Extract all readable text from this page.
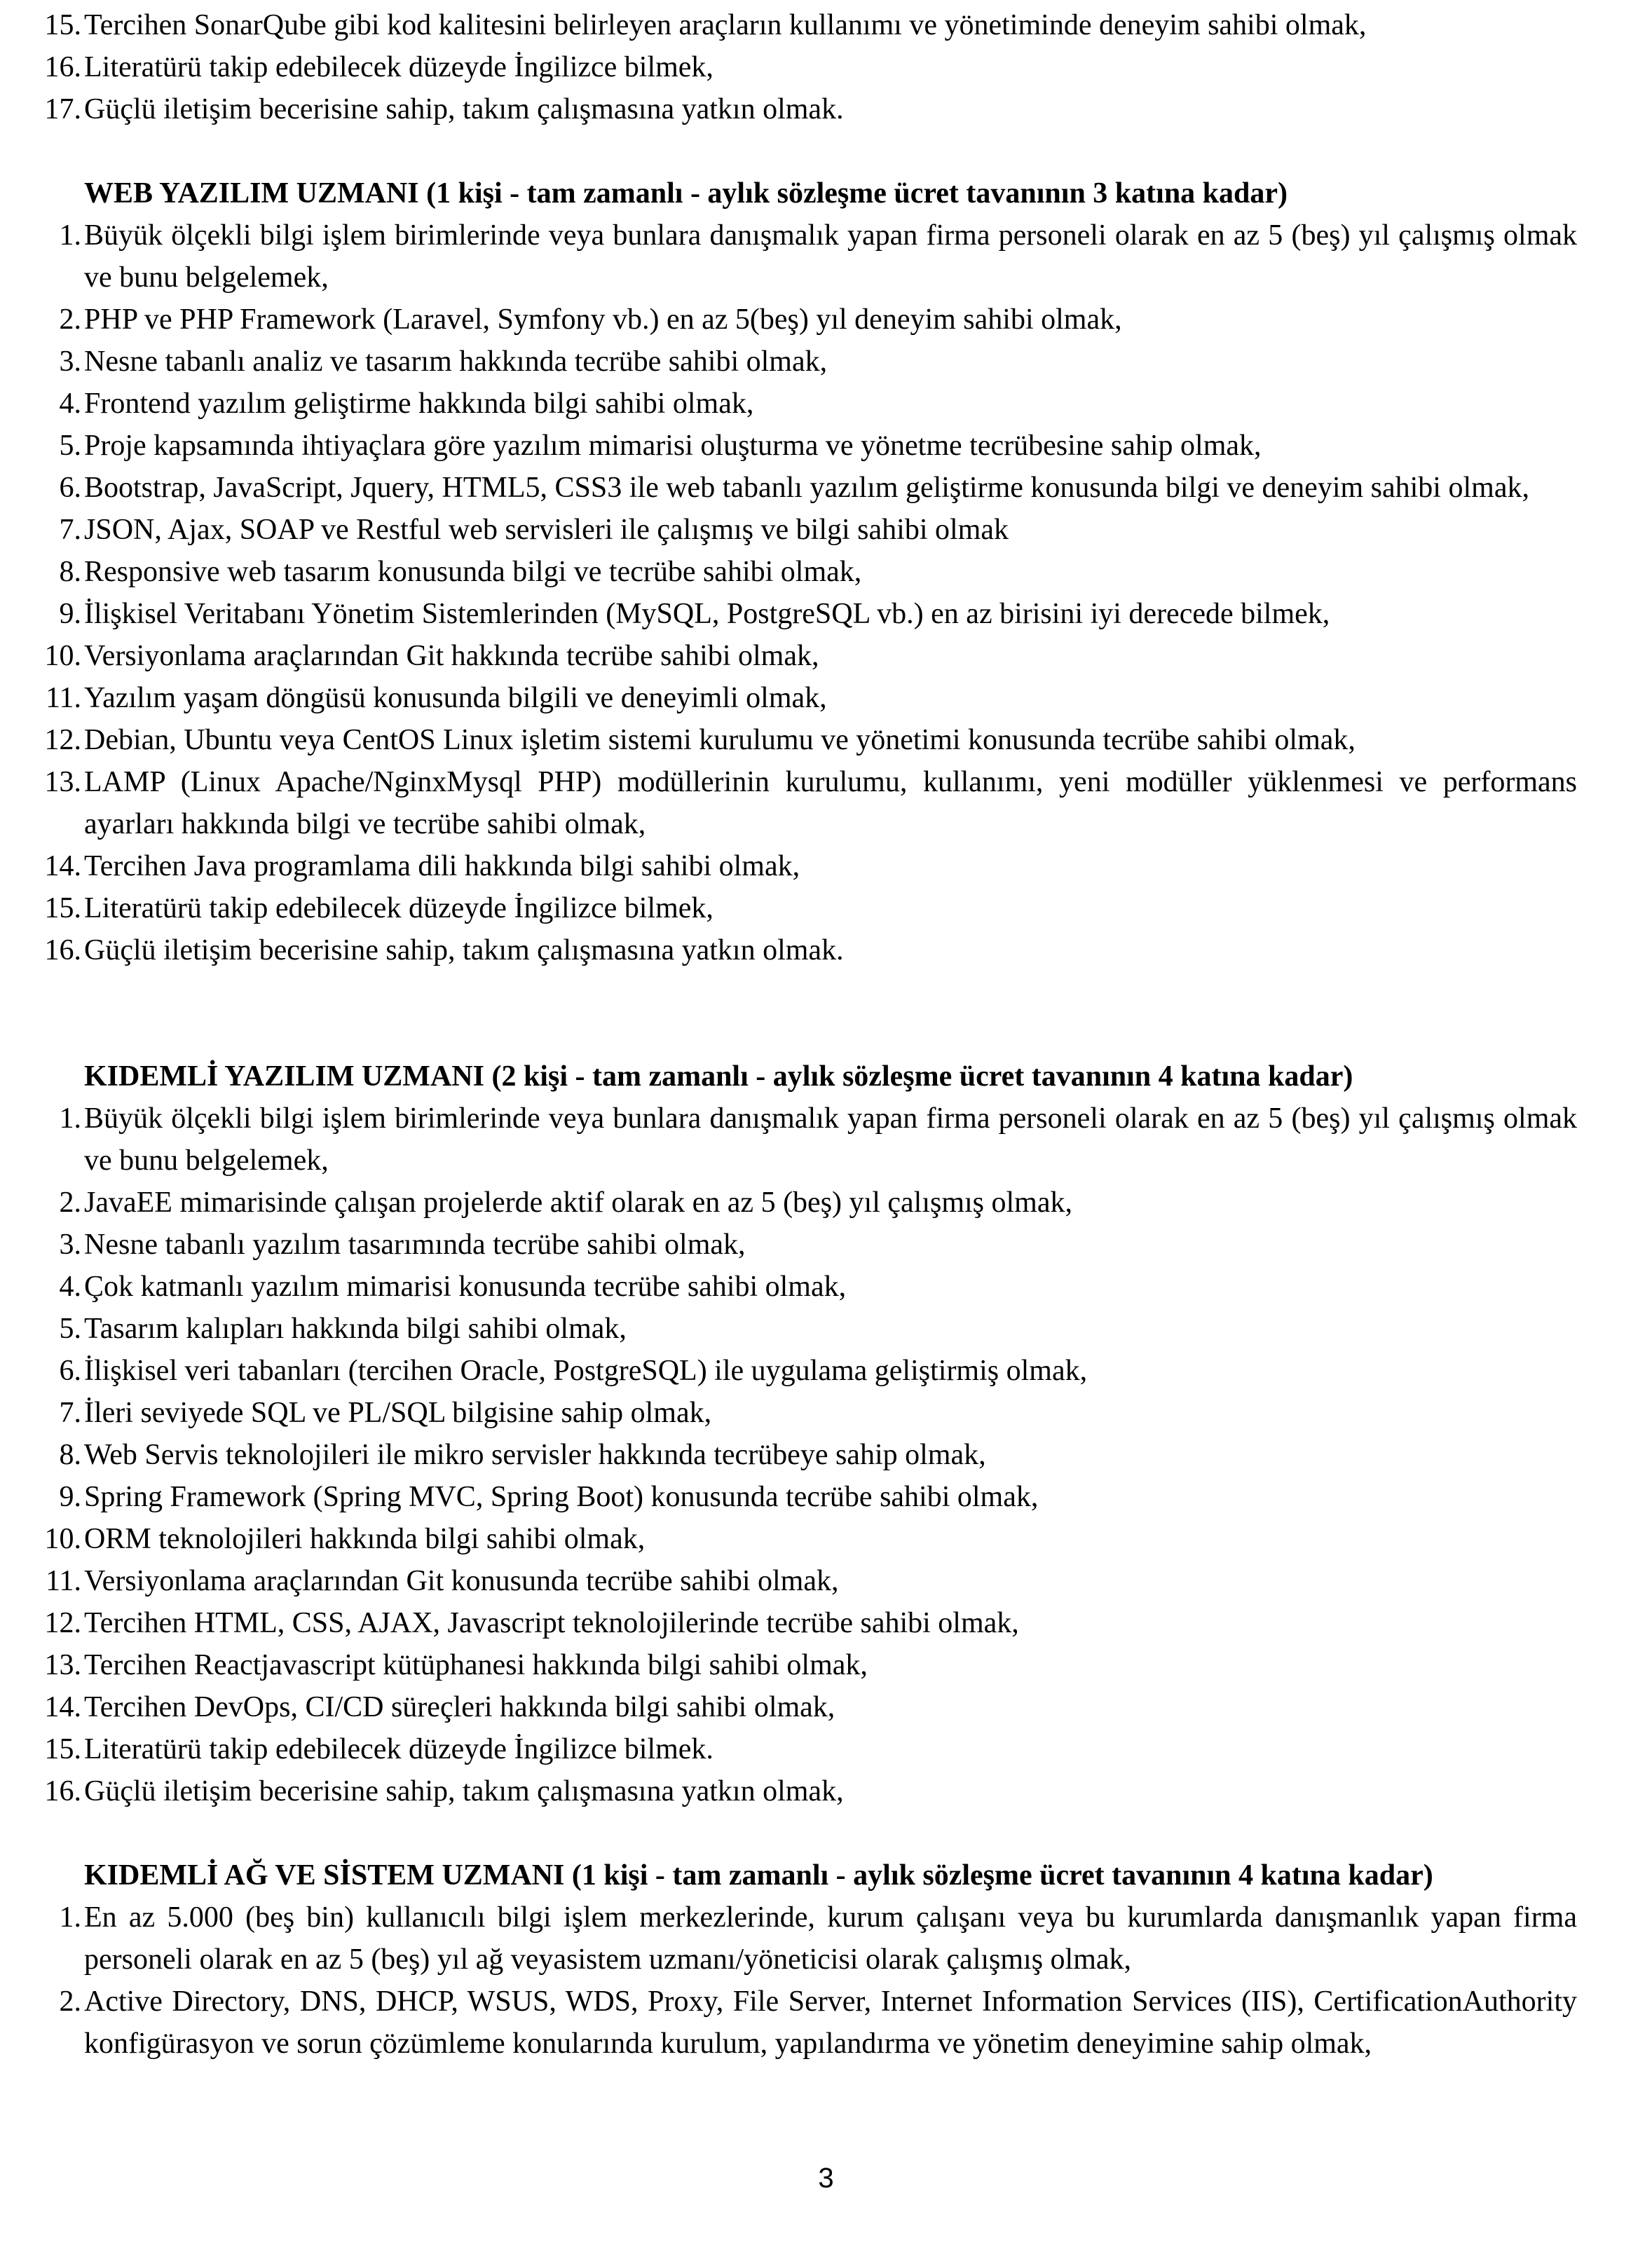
15. Tercihen SonarQube gibi kod kalitesini belirleyen araçların kullanımı ve yönetiminde deneyim sahibi olmak,
16. Literatürü takip edebilecek düzeyde İngilizce bilmek,
17. Güçlü iletişim becerisine sahip, takım çalışmasına yatkın olmak.
WEB YAZILIM UZMANI (1 kişi - tam zamanlı - aylık sözleşme ücret tavanının 3 katına kadar)
1. Büyük ölçekli bilgi işlem birimlerinde veya bunlara danışmalık yapan firma personeli olarak en az 5 (beş) yıl çalışmış olmak ve bunu belgelemek,
2. PHP ve PHP Framework (Laravel, Symfony vb.) en az 5(beş) yıl deneyim sahibi olmak,
3. Nesne tabanlı analiz ve tasarım hakkında tecrübe sahibi olmak,
4. Frontend yazılım geliştirme hakkında bilgi sahibi olmak,
5. Proje kapsamında ihtiyaçlara göre yazılım mimarisi oluşturma ve yönetme tecrübesine sahip olmak,
6. Bootstrap, JavaScript, Jquery, HTML5, CSS3 ile web tabanlı yazılım geliştirme konusunda bilgi ve deneyim sahibi olmak,
7. JSON, Ajax, SOAP ve Restful web servisleri ile çalışmış ve bilgi sahibi olmak
8. Responsive web tasarım konusunda bilgi ve tecrübe sahibi olmak,
9. İlişkisel Veritabanı Yönetim Sistemlerinden (MySQL, PostgreSQL vb.) en az birisini iyi derecede bilmek,
10. Versiyonlama araçlarından Git hakkında tecrübe sahibi olmak,
11. Yazılım yaşam döngüsü konusunda bilgili ve deneyimli olmak,
12. Debian, Ubuntu veya CentOS Linux işletim sistemi kurulumu ve yönetimi konusunda tecrübe sahibi olmak,
13. LAMP (Linux Apache/NginxMysql PHP) modüllerinin kurulumu, kullanımı, yeni modüller yüklenmesi ve performans ayarları hakkında bilgi ve tecrübe sahibi olmak,
14. Tercihen Java programlama dili hakkında bilgi sahibi olmak,
15. Literatürü takip edebilecek düzeyde İngilizce bilmek,
16. Güçlü iletişim becerisine sahip, takım çalışmasına yatkın olmak.
KIDEMLİ YAZILIM UZMANI (2 kişi - tam zamanlı - aylık sözleşme ücret tavanının 4 katına kadar)
1. Büyük ölçekli bilgi işlem birimlerinde veya bunlara danışmalık yapan firma personeli olarak en az 5 (beş) yıl çalışmış olmak ve bunu belgelemek,
2. JavaEE mimarisinde çalışan projelerde aktif olarak en az 5 (beş) yıl çalışmış olmak,
3. Nesne tabanlı yazılım tasarımında tecrübe sahibi olmak,
4. Çok katmanlı yazılım mimarisi konusunda tecrübe sahibi olmak,
5. Tasarım kalıpları hakkında bilgi sahibi olmak,
6. İlişkisel veri tabanları (tercihen Oracle, PostgreSQL) ile uygulama geliştirmiş olmak,
7. İleri seviyede SQL ve PL/SQL bilgisine sahip olmak,
8. Web Servis teknolojileri ile mikro servisler hakkında tecrübeye sahip olmak,
9. Spring Framework (Spring MVC, Spring Boot) konusunda tecrübe sahibi olmak,
10. ORM teknolojileri hakkında bilgi sahibi olmak,
11. Versiyonlama araçlarından Git konusunda tecrübe sahibi olmak,
12. Tercihen HTML, CSS, AJAX, Javascript teknolojilerinde tecrübe sahibi olmak,
13. Tercihen Reactjavascript kütüphanesi hakkında bilgi sahibi olmak,
14. Tercihen DevOps, CI/CD süreçleri hakkında bilgi sahibi olmak,
15. Literatürü takip edebilecek düzeyde İngilizce bilmek.
16. Güçlü iletişim becerisine sahip, takım çalışmasına yatkın olmak,
KIDEMLİ AĞ VE SİSTEM UZMANI (1 kişi - tam zamanlı - aylık sözleşme ücret tavanının 4 katına kadar)
1. En az 5.000 (beş bin) kullanıcılı bilgi işlem merkezlerinde, kurum çalışanı veya bu kurumlarda danışmanlık yapan firma personeli olarak en az 5 (beş) yıl ağ veyasistem uzmanı/yöneticisi olarak çalışmış olmak,
2. Active Directory, DNS, DHCP, WSUS, WDS, Proxy, File Server, Internet Information Services (IIS), CertificationAuthority konfigürasyon ve sorun çözümleme konularında kurulum, yapılandırma ve yönetim deneyimine sahip olmak,
3
